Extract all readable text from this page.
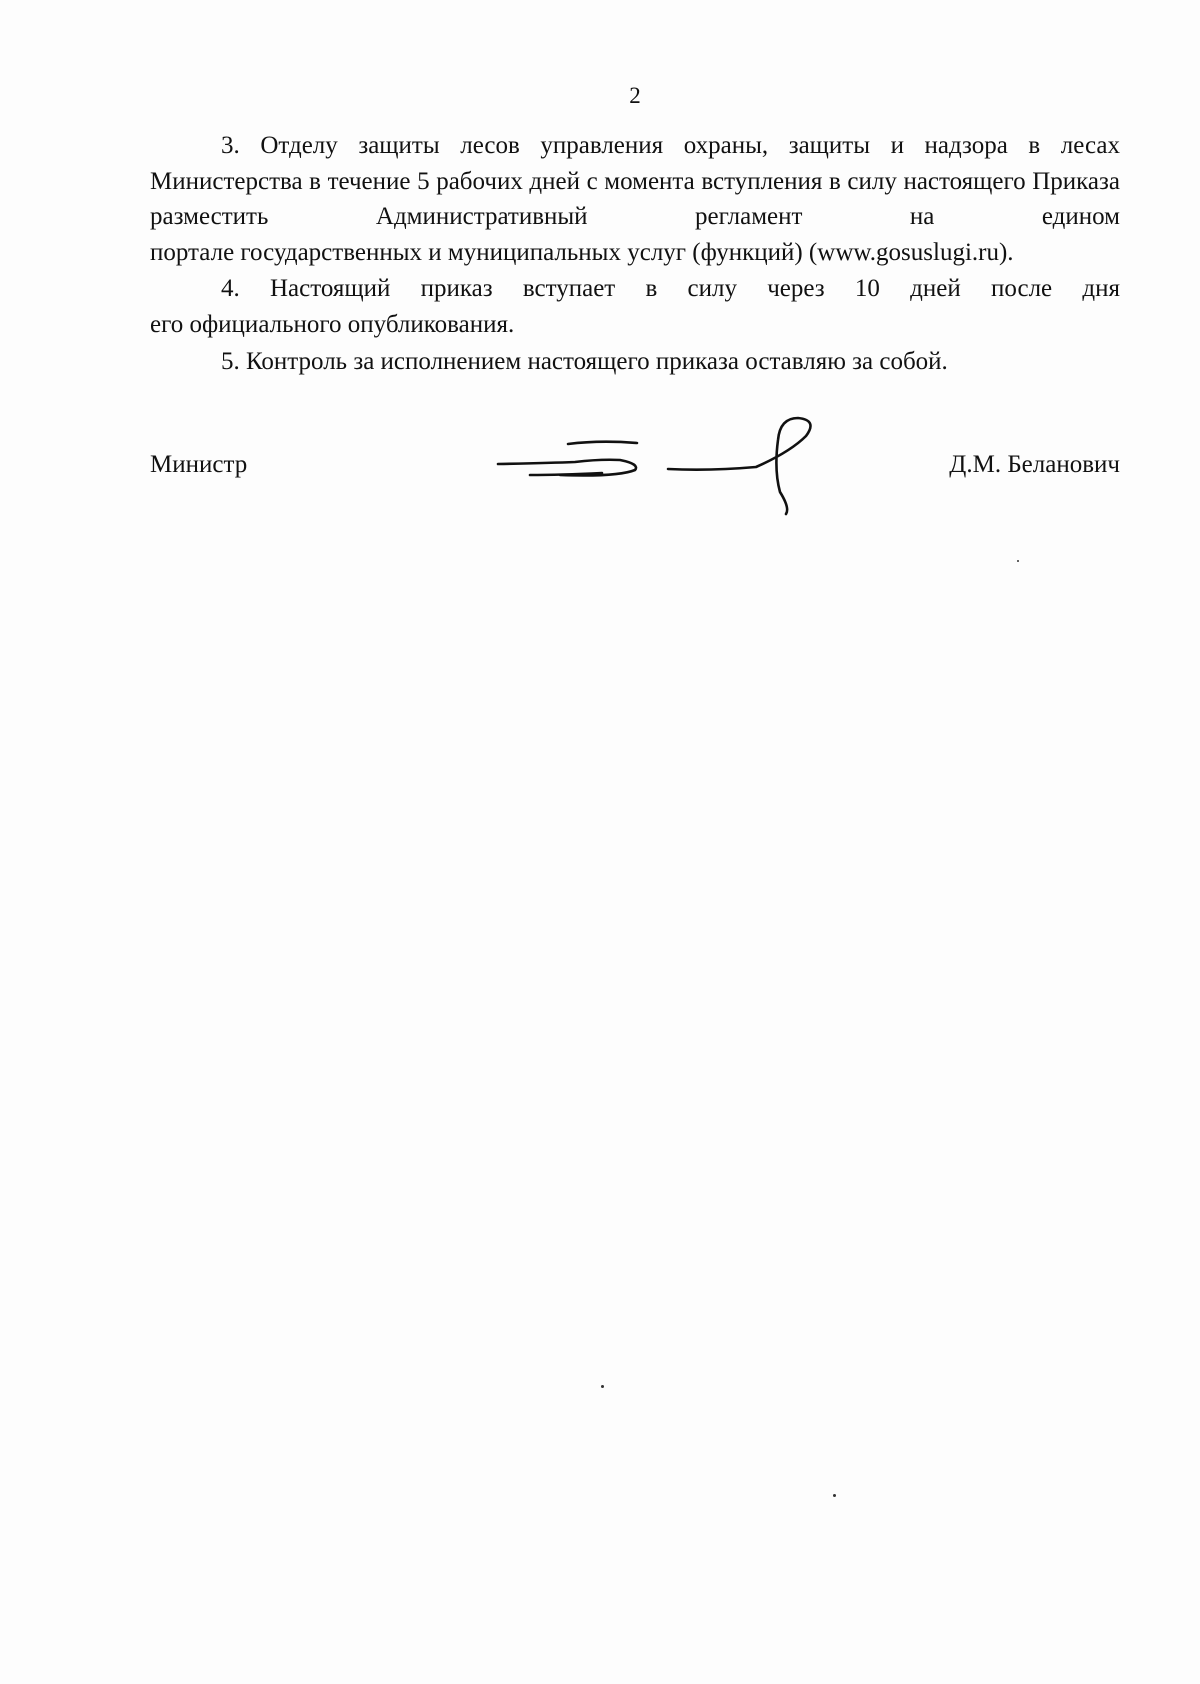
2

3. Отделу защиты лесов управления охраны, защиты и надзора в лесах Министерства в течение 5 рабочих дней с момента вступления в силу настоящего Приказа разместить Административный регламент на едином

портале государственных и муниципальных услуг (функций) (www.gosuslugi.ru).

4. Настоящий приказ вступает в силу через 10 дней после дня

его официального опубликования.

5. Контроль за исполнением настоящего приказа оставляю за собой.

Министр	Д.М. Беланович
